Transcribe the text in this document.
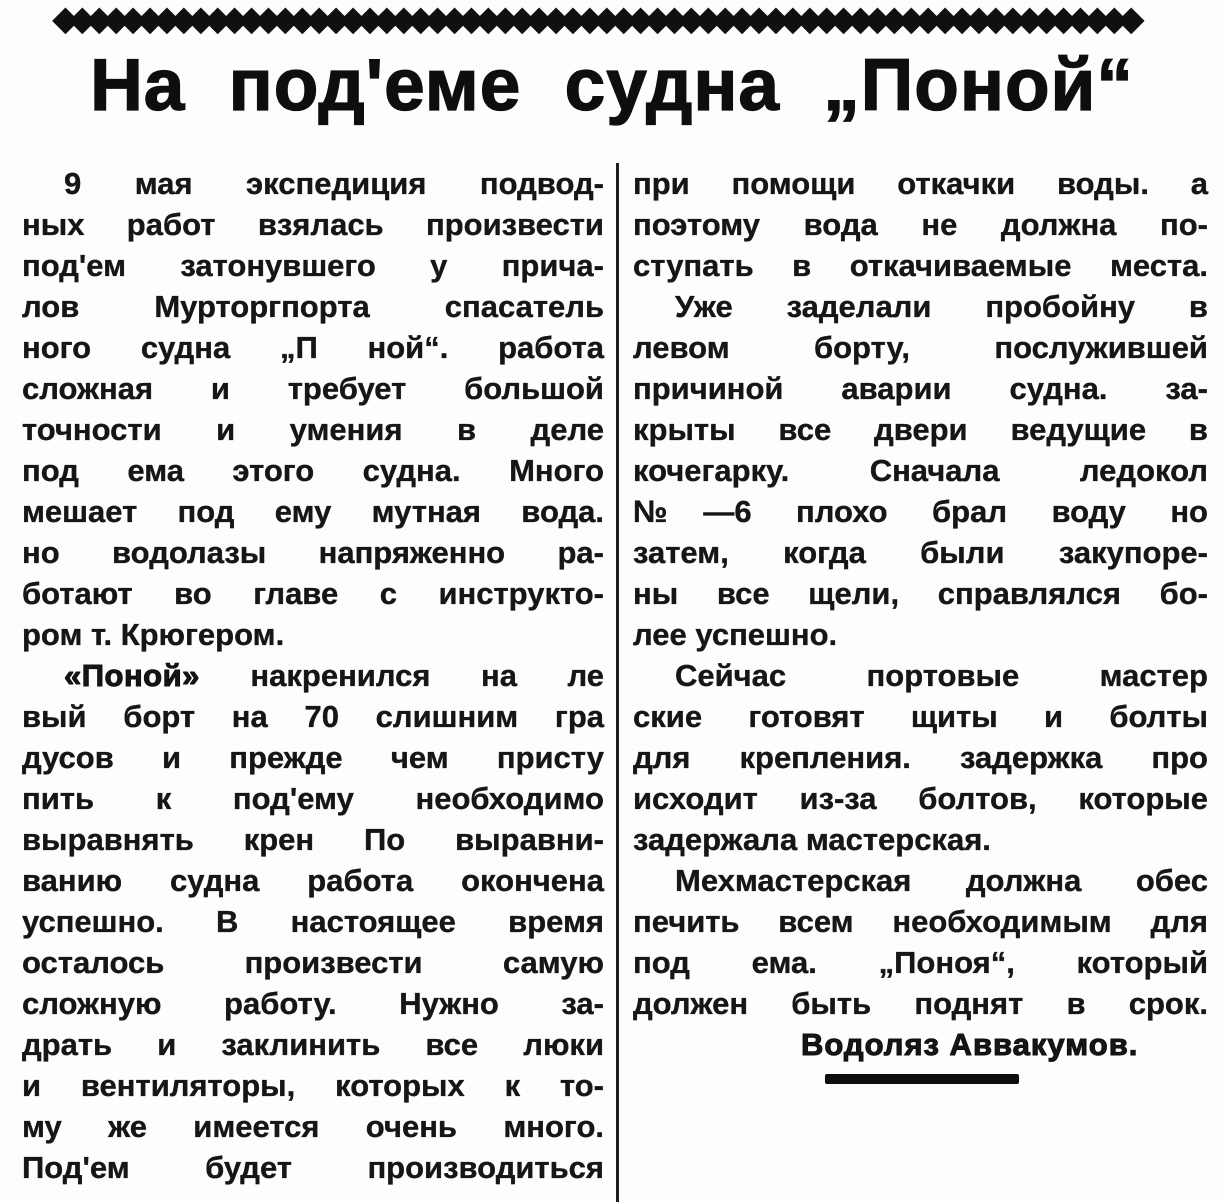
◆◆◆◆◆◆◆◆◆◆◆◆◆◆◆◆◆◆◆◆◆◆◆◆◆◆◆◆◆◆◆◆◆◆◆◆◆◆◆◆◆◆◆◆◆◆◆◆◆◆◆◆◆◆◆◆◆◆◆◆◆◆◆◆
На под'еме судна „Поной“
9 мая экспедиция подвод-
ных работ взялась произвести
под'ем затонувшего у прича-
лов Мурторгпорта спасатель
ного судна „П ной“. работа
сложная и требует большой
точности и умения в деле
под ема этого судна. Много
мешает под ему мутная вода.
но водолазы напряженно ра-
ботают во главе с инструкто-
ром т. Крюгером.
«Поной» накренился на ле
вый борт на 70 слишним гра
дусов и прежде чем присту
пить к под'ему необходимо
выравнять крен По выравни-
ванию судна работа окончена
успешно. В настоящее время
осталось произвести самую
сложную работу. Нужно за-
драть и заклинить все люки
и вентиляторы, которых к то-
му же имеется очень много.
Под'ем будет производиться
при помощи откачки воды. а
поэтому вода не должна по-
ступать в откачиваемые места.
Уже заделали пробойну в
левом борту, послужившей
причиной аварии судна. за-
крыты все двери ведущие в
кочегарку. Сначала ледокол
№—6 плохо брал воду но
затем, когда были закупоре-
ны все щели, справлялся бо-
лее успешно.
Сейчас портовые мастер
ские готовят щиты и болты
для крепления. задержка про
исходит из-за болтов, которые
задержала мастерская.
Мехмастерская должна обес
печить всем необходимым для
под ема. „Поноя“, который
должен быть поднят в срок.
Водоляз Аввакумов.
